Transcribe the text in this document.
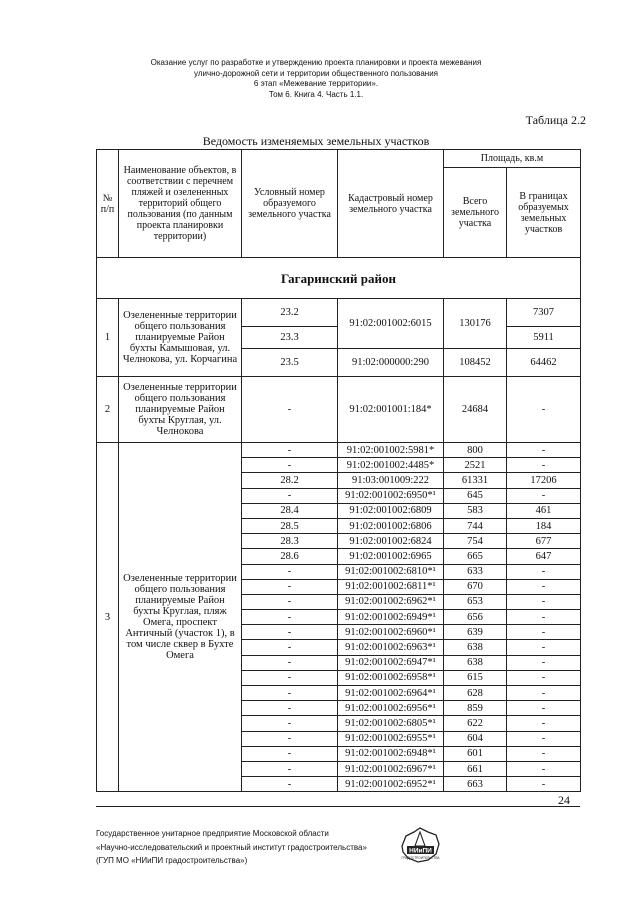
Оказание услуг по разработке и утверждению проекта планировки и проекта межевания
улично-дорожной сети и территории общественного пользования
6 этап «Межевание территории».
Том 6. Книга 4. Часть 1.1.
Таблица 2.2
Ведомость изменяемых земельных участков
№ п/п	Наименование объектов, в соответствии с перечнем пляжей и озелененных территорий общего пользования (по данным проекта планировки территории)	Условный номер образуемого земельного участка	Кадастровый номер земельного участка	Площадь, кв.м	
				Всего земельного участка	В границах образуемых земельных участков
Гагаринский район					
1	Озелененные территории общего пользования планируемые Район бухты Камышовая, ул. Челнокова, ул. Корчагина	23.2	91:02:001002:6015	130176	7307
		23.3			5911
		23.5	91:02:000000:290	108452	64462
2	Озелененные территории общего пользования планируемые Район бухты Круглая, ул. Челнокова	-	91:02:001001:184*	24684	-
3	Озелененные территории общего пользования планируемые Район бухты Круглая, пляж Омега, проспект Античный (участок 1), в том числе сквер в Бухте Омега	-	91:02:001002:5981*	800	-
		-	91:02:001002:4485*	2521	-
		28.2	91:03:001009:222	61331	17206
		-	91:02:001002:6950*¹	645	-
		28.4	91:02:001002:6809	583	461
		28.5	91:02:001002:6806	744	184
		28.3	91:02:001002:6824	754	677
		28.6	91:02:001002:6965	665	647
		-	91:02:001002:6810*¹	633	-
		-	91:02:001002:6811*¹	670	-
		-	91:02:001002:6962*¹	653	-
		-	91:02:001002:6949*¹	656	-
		-	91:02:001002:6960*¹	639	-
		-	91:02:001002:6963*¹	638	-
		-	91:02:001002:6947*¹	638	-
		-	91:02:001002:6958*¹	615	-
		-	91:02:001002:6964*¹	628	-
		-	91:02:001002:6956*¹	859	-
		-	91:02:001002:6805*¹	622	-
		-	91:02:001002:6955*¹	604	-
		-	91:02:001002:6948*¹	601	-
		-	91:02:001002:6967*¹	661	-
		-	91:02:001002:6952*¹	663	-
24
Государственное унитарное предприятие Московской области
«Научно-исследовательский и проектный институт градостроительства»
(ГУП МО «НИиПИ градостроительства»)
НИиПИ
ГРАДОСТРОИТЕЛЬСТВА
